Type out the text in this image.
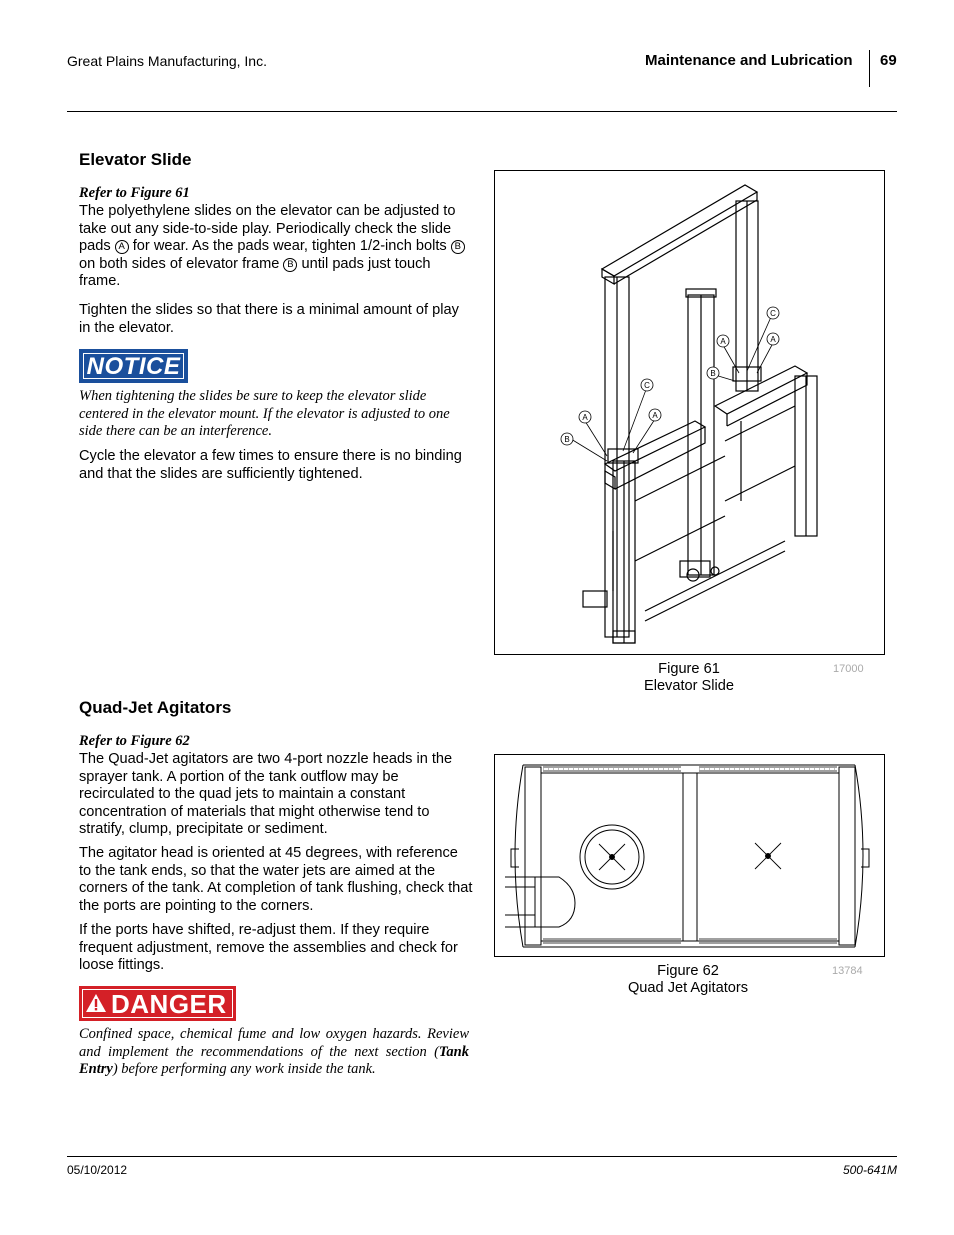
Great Plains Manufacturing, Inc.	Maintenance and Lubrication 69
Elevator Slide
Refer to Figure 61
The polyethylene slides on the elevator can be adjusted to take out any side-to-side play. Periodically check the slide pads A for wear. As the pads wear, tighten 1/2-inch bolts B on both sides of elevator frame B until pads just touch frame.
Tighten the slides so that there is a minimal amount of play in the elevator.
NOTICE
When tightening the slides be sure to keep the elevator slide centered in the elevator mount. If the elevator is adjusted to one side there can be an interference.
Cycle the elevator a few times to ensure there is no binding and that the slides are sufficiently tightened.
C
A	A
B
C
A	A
B
Figure 61
Elevator Slide
17000
Quad-Jet Agitators
Refer to Figure 62
The Quad-Jet agitators are two 4-port nozzle heads in the sprayer tank. A portion of the tank outflow may be recirculated to the quad jets to maintain a constant concentration of materials that might otherwise tend to stratify, clump, precipitate or sediment.
The agitator head is oriented at 45 degrees, with reference to the tank ends, so that the water jets are aimed at the corners of the tank. At completion of tank flushing, check that the ports are pointing to the corners.
If the ports have shifted, re-adjust them. If they require frequent adjustment, remove the assemblies and check for loose fittings.
DANGER
Confined space, chemical fume and low oxygen hazards. Review and implement the recommendations of the next section (Tank Entry) before performing any work inside the tank.
Figure 62
Quad Jet Agitators
13784
05/10/2012	500-641M
